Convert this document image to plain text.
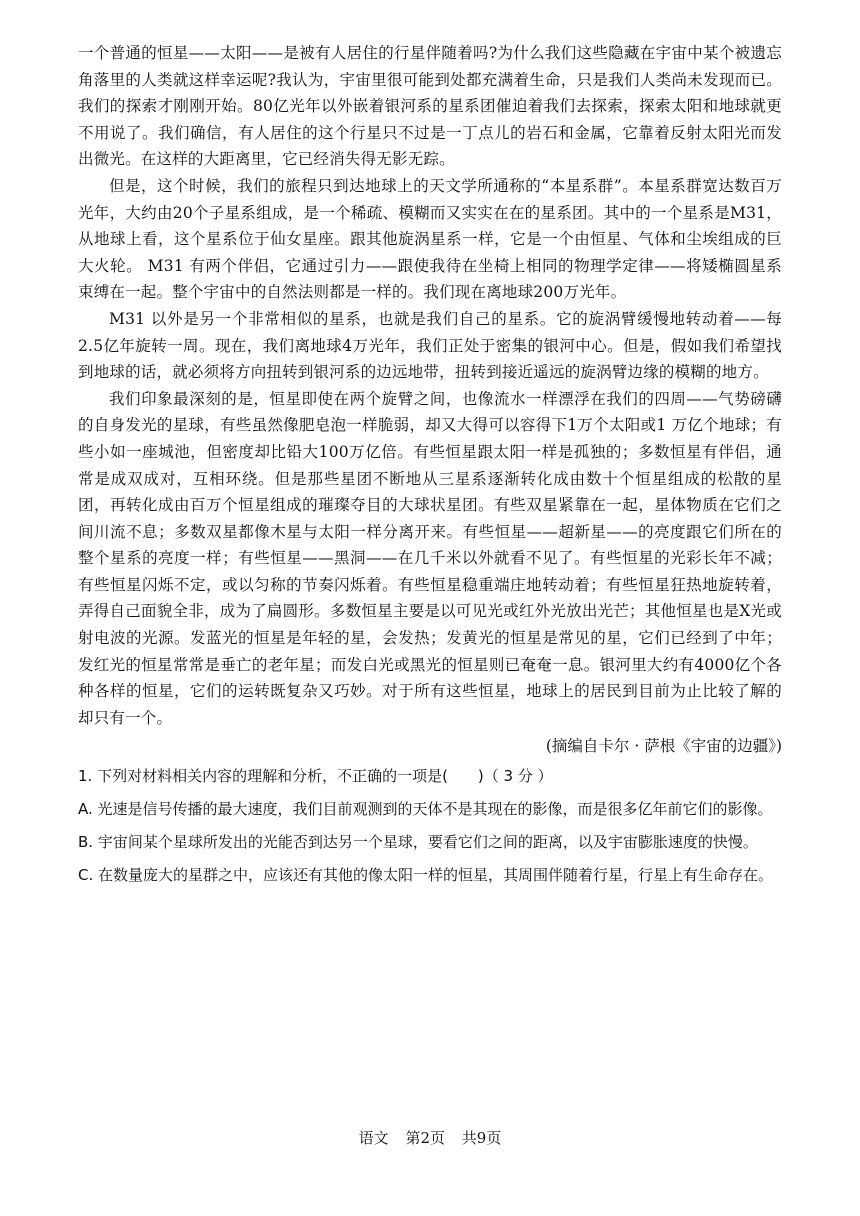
一个普通的恒星——太阳——是被有人居住的行星伴随着吗?为什么我们这些隐藏在宇宙中某个被遗忘角落里的人类就这样幸运呢?我认为，宇宙里很可能到处都充满着生命，只是我们人类尚未发现而已。我们的探索才刚刚开始。80亿光年以外嵌着银河系的星系团催迫着我们去探索，探索太阳和地球就更不用说了。我们确信，有人居住的这个行星只不过是一丁点儿的岩石和金属，它靠着反射太阳光而发出微光。在这样的大距离里，它已经消失得无影无踪。

但是，这个时候，我们的旅程只到达地球上的天文学所通称的“本星系群”。本星系群宽达数百万光年，大约由20个子星系组成，是一个稀疏、模糊而又实实在在的星系团。其中的一个星系是M31，从地球上看，这个星系位于仙女星座。跟其他旋涡星系一样，它是一个由恒星、气体和尘埃组成的巨大火轮。 M31 有两个伴侣，它通过引力——跟使我待在坐椅上相同的物理学定律——将矮椭圆星系束缚在一起。整个宇宙中的自然法则都是一样的。我们现在离地球200万光年。

M31 以外是另一个非常相似的星系，也就是我们自己的星系。它的旋涡臂缓慢地转动着——每2.5亿年旋转一周。现在，我们离地球4万光年，我们正处于密集的银河中心。但是，假如我们希望找到地球的话，就必须将方向扭转到银河系的边远地带，扭转到接近遥远的旋涡臂边缘的模糊的地方。

我们印象最深刻的是，恒星即使在两个旋臂之间，也像流水一样漂浮在我们的四周——气势磅礴的自身发光的星球，有些虽然像肥皂泡一样脆弱，却又大得可以容得下1万个太阳或1 万亿个地球；有些小如一座城池，但密度却比铅大100万亿倍。有些恒星跟太阳一样是孤独的；多数恒星有伴侣，通常是成双成对，互相环绕。但是那些星团不断地从三星系逐渐转化成由数十个恒星组成的松散的星团，再转化成由百万个恒星组成的璀璨夺目的大球状星团。有些双星紧靠在一起，星体物质在它们之间川流不息；多数双星都像木星与太阳一样分离开来。有些恒星——超新星——的亮度跟它们所在的整个星系的亮度一样；有些恒星——黑洞——在几千米以外就看不见了。有些恒星的光彩长年不减；有些恒星闪烁不定，或以匀称的节奏闪烁着。有些恒星稳重端庄地转动着；有些恒星狂热地旋转着，弄得自己面貌全非，成为了扁圆形。多数恒星主要是以可见光或红外光放出光芒；其他恒星也是X光或射电波的光源。发蓝光的恒星是年轻的星，会发热；发黄光的恒星是常见的星，它们已经到了中年；发红光的恒星常常是垂亡的老年星；而发白光或黑光的恒星则已奄奄一息。银河里大约有4000亿个各种各样的恒星，它们的运转既复杂又巧妙。对于所有这些恒星，地球上的居民到目前为止比较了解的却只有一个。

(摘编自卡尔 · 萨根《宇宙的边疆》)
1. 下列对材料相关内容的理解和分析，不正确的一项是(　　)（ 3 分 ）
A. 光速是信号传播的最大速度，我们目前观测到的天体不是其现在的影像，而是很多亿年前它们的影像。
B. 宇宙间某个星球所发出的光能否到达另一个星球，要看它们之间的距离，以及宇宙膨胀速度的快慢。
C. 在数量庞大的星群之中，应该还有其他的像太阳一样的恒星，其周围伴随着行星，行星上有生命存在。
语文 第2页 共9页
